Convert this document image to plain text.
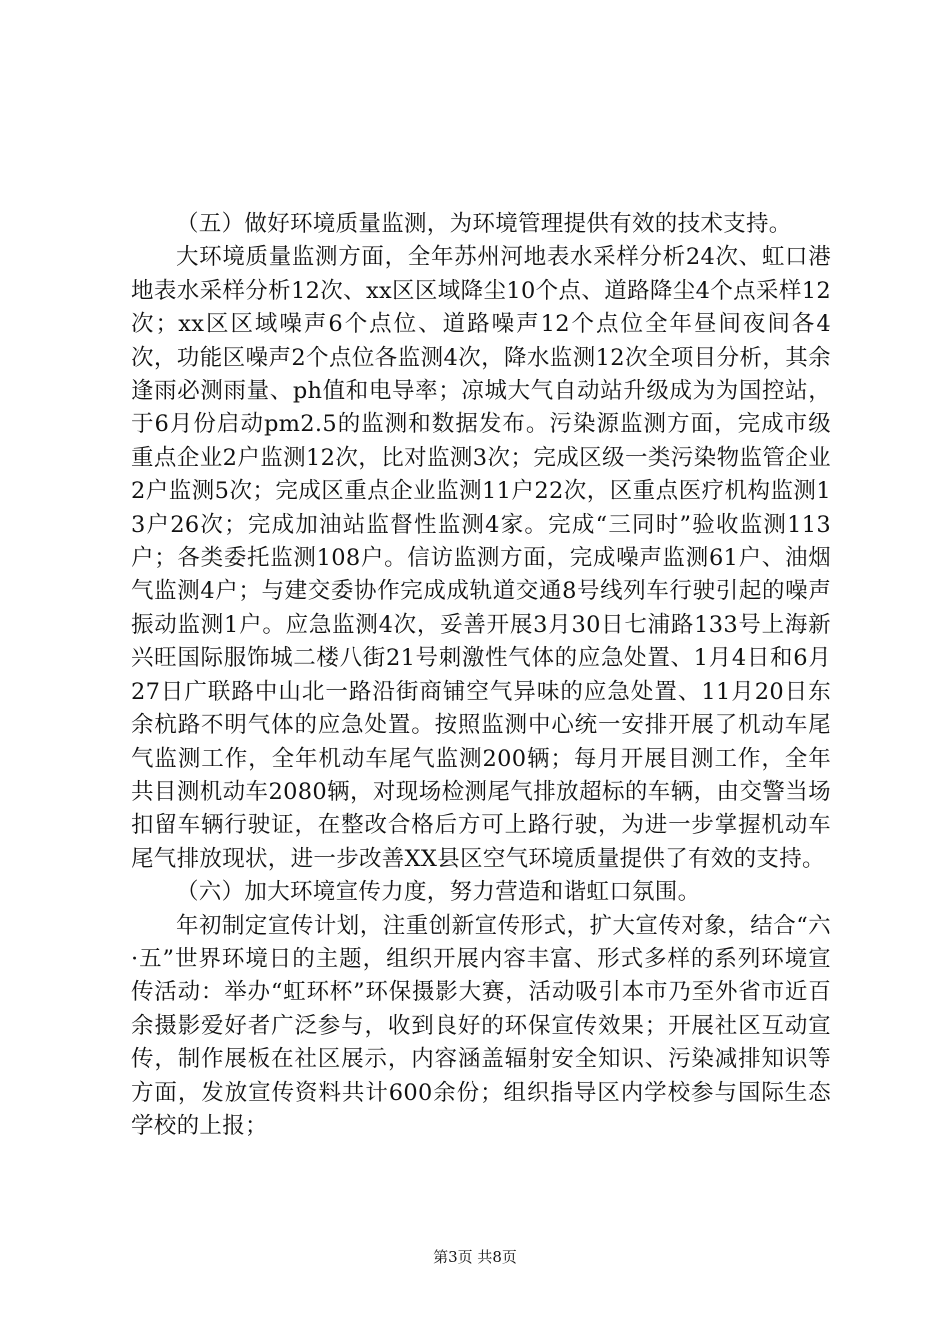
（五）做好环境质量监测，为环境管理提供有效的技术支持。

大环境质量监测方面，全年苏州河地表水采样分析24次、虹口港地表水采样分析12次、xx区区域降尘10个点、道路降尘4个点采样12次；xx区区域噪声6个点位、道路噪声12个点位全年昼间夜间各4次，功能区噪声2个点位各监测4次，降水监测12次全项目分析，其余逢雨必测雨量、ph值和电导率；凉城大气自动站升级成为为国控站，于6月份启动pm2.5的监测和数据发布。污染源监测方面，完成市级重点企业2户监测12次，比对监测3次；完成区级一类污染物监管企业2户监测5次；完成区重点企业监测11户22次，区重点医疗机构监测13户26次；完成加油站监督性监测4家。完成“三同时”验收监测113户；各类委托监测108户。信访监测方面，完成噪声监测61户、油烟气监测4户；与建交委协作完成成轨道交通8号线列车行驶引起的噪声振动监测1户。应急监测4次，妥善开展3月30日七浦路133号上海新兴旺国际服饰城二楼八街21号刺激性气体的应急处置、1月4日和6月27日广联路中山北一路沿街商铺空气异味的应急处置、11月20日东余杭路不明气体的应急处置。按照监测中心统一安排开展了机动车尾气监测工作，全年机动车尾气监测200辆；每月开展目测工作，全年共目测机动车2080辆，对现场检测尾气排放超标的车辆，由交警当场扣留车辆行驶证，在整改合格后方可上路行驶，为进一步掌握机动车尾气排放现状，进一步改善XX县区空气环境质量提供了有效的支持。

（六）加大环境宣传力度，努力营造和谐虹口氛围。

年初制定宣传计划，注重创新宣传形式，扩大宣传对象，结合“六·五”世界环境日的主题，组织开展内容丰富、形式多样的系列环境宣传活动：举办“虹环杯”环保摄影大赛，活动吸引本市乃至外省市近百余摄影爱好者广泛参与，收到良好的环保宣传效果；开展社区互动宣传，制作展板在社区展示，内容涵盖辐射安全知识、污染减排知识等方面，发放宣传资料共计600余份；组织指导区内学校参与国际生态学校的上报；

第3页 共8页
